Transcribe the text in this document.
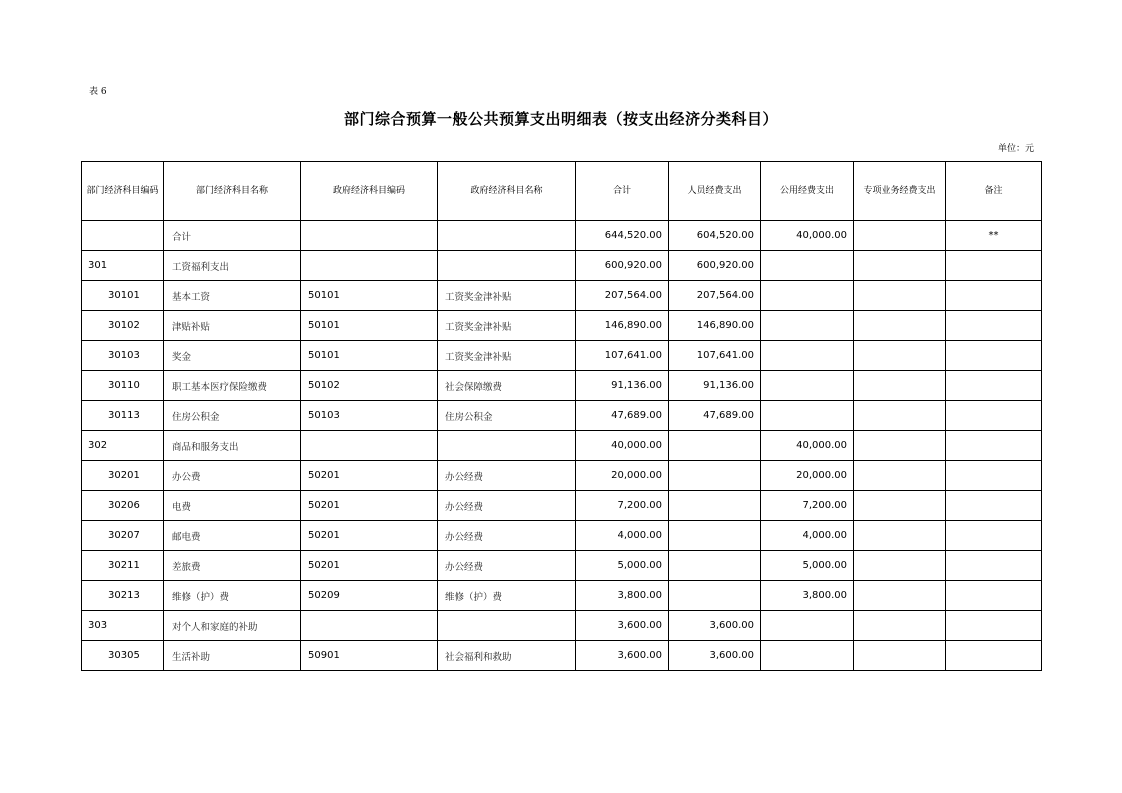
表 6
部门综合预算一般公共预算支出明细表（按支出经济分类科目）
单位：元
部门经济科目编码	部门经济科目名称	政府经济科目编码	政府经济科目名称	合计	人员经费支出	公用经费支出	专项业务经费支出	备注
	合计			644,520.00	604,520.00	40,000.00		**
301	工资福利支出			600,920.00	600,920.00			
30101	基本工资	50101	工资奖金津补贴	207,564.00	207,564.00			
30102	津贴补贴	50101	工资奖金津补贴	146,890.00	146,890.00			
30103	奖金	50101	工资奖金津补贴	107,641.00	107,641.00			
30110	职工基本医疗保险缴费	50102	社会保障缴费	91,136.00	91,136.00			
30113	住房公积金	50103	住房公积金	47,689.00	47,689.00			
302	商品和服务支出			40,000.00		40,000.00		
30201	办公费	50201	办公经费	20,000.00		20,000.00		
30206	电费	50201	办公经费	7,200.00		7,200.00		
30207	邮电费	50201	办公经费	4,000.00		4,000.00		
30211	差旅费	50201	办公经费	5,000.00		5,000.00		
30213	维修（护）费	50209	维修（护）费	3,800.00		3,800.00		
303	对个人和家庭的补助			3,600.00	3,600.00			
30305	生活补助	50901	社会福利和救助	3,600.00	3,600.00			
